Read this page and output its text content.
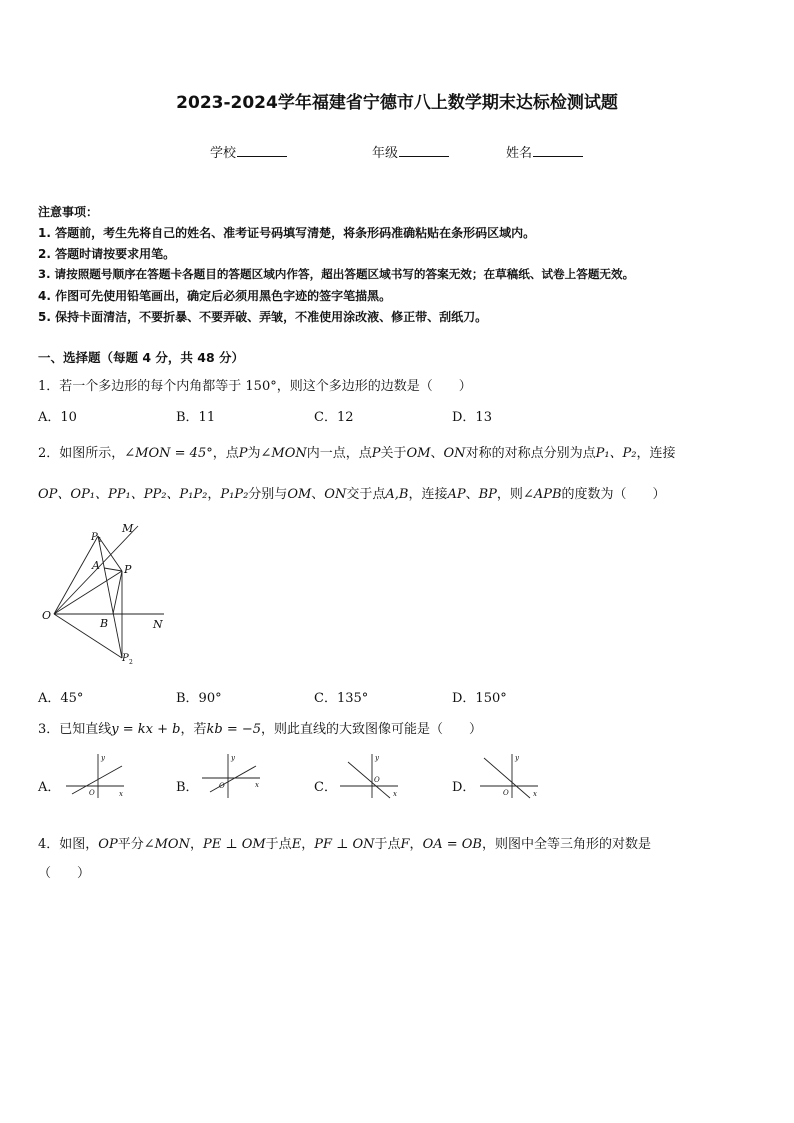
2023-2024学年福建省宁德市八上数学期末达标检测试题
学校	年级	姓名
注意事项：
1. 答题前，考生先将自己的姓名、准考证号码填写清楚，将条形码准确粘贴在条形码区域内。
2. 答题时请按要求用笔。
3. 请按照题号顺序在答题卡各题目的答题区域内作答，超出答题区域书写的答案无效；在草稿纸、试卷上答题无效。
4. 作图可先使用铅笔画出，确定后必须用黑色字迹的签字笔描黑。
5. 保持卡面清洁，不要折暴、不要弄破、弄皱，不准使用涂改液、修正带、刮纸刀。
一、选择题（每题 4 分，共 48 分）
1．若一个多边形的每个内角都等于 150°，则这个多边形的边数是（　　）
A．10	B．11	C．12	D．13
2．如图所示，∠MON = 45°，点P为∠MON内一点，点P关于OM、ON对称的对称点分别为点P₁、P₂，连接
OP、OP₁、PP₁、PP₂、P₁P₂，P₁P₂分别与OM、ON交于点A,B，连接AP、BP，则∠APB的度数为（　　）
O
M
N
A
B
P
P 1
P 2
A．45°	B．90°	C．135°	D．150°
3．已知直线y = kx + b，若kb = −5，则此直线的大致图像可能是（　　）
A．	B．	C．	D．
y
x
O
y
x
O
y
x
O
y
x
O
4．如图，OP平分∠MON，PE ⊥ OM于点E，PF ⊥ ON于点F，OA = OB，则图中全等三角形的对数是
（　　）
